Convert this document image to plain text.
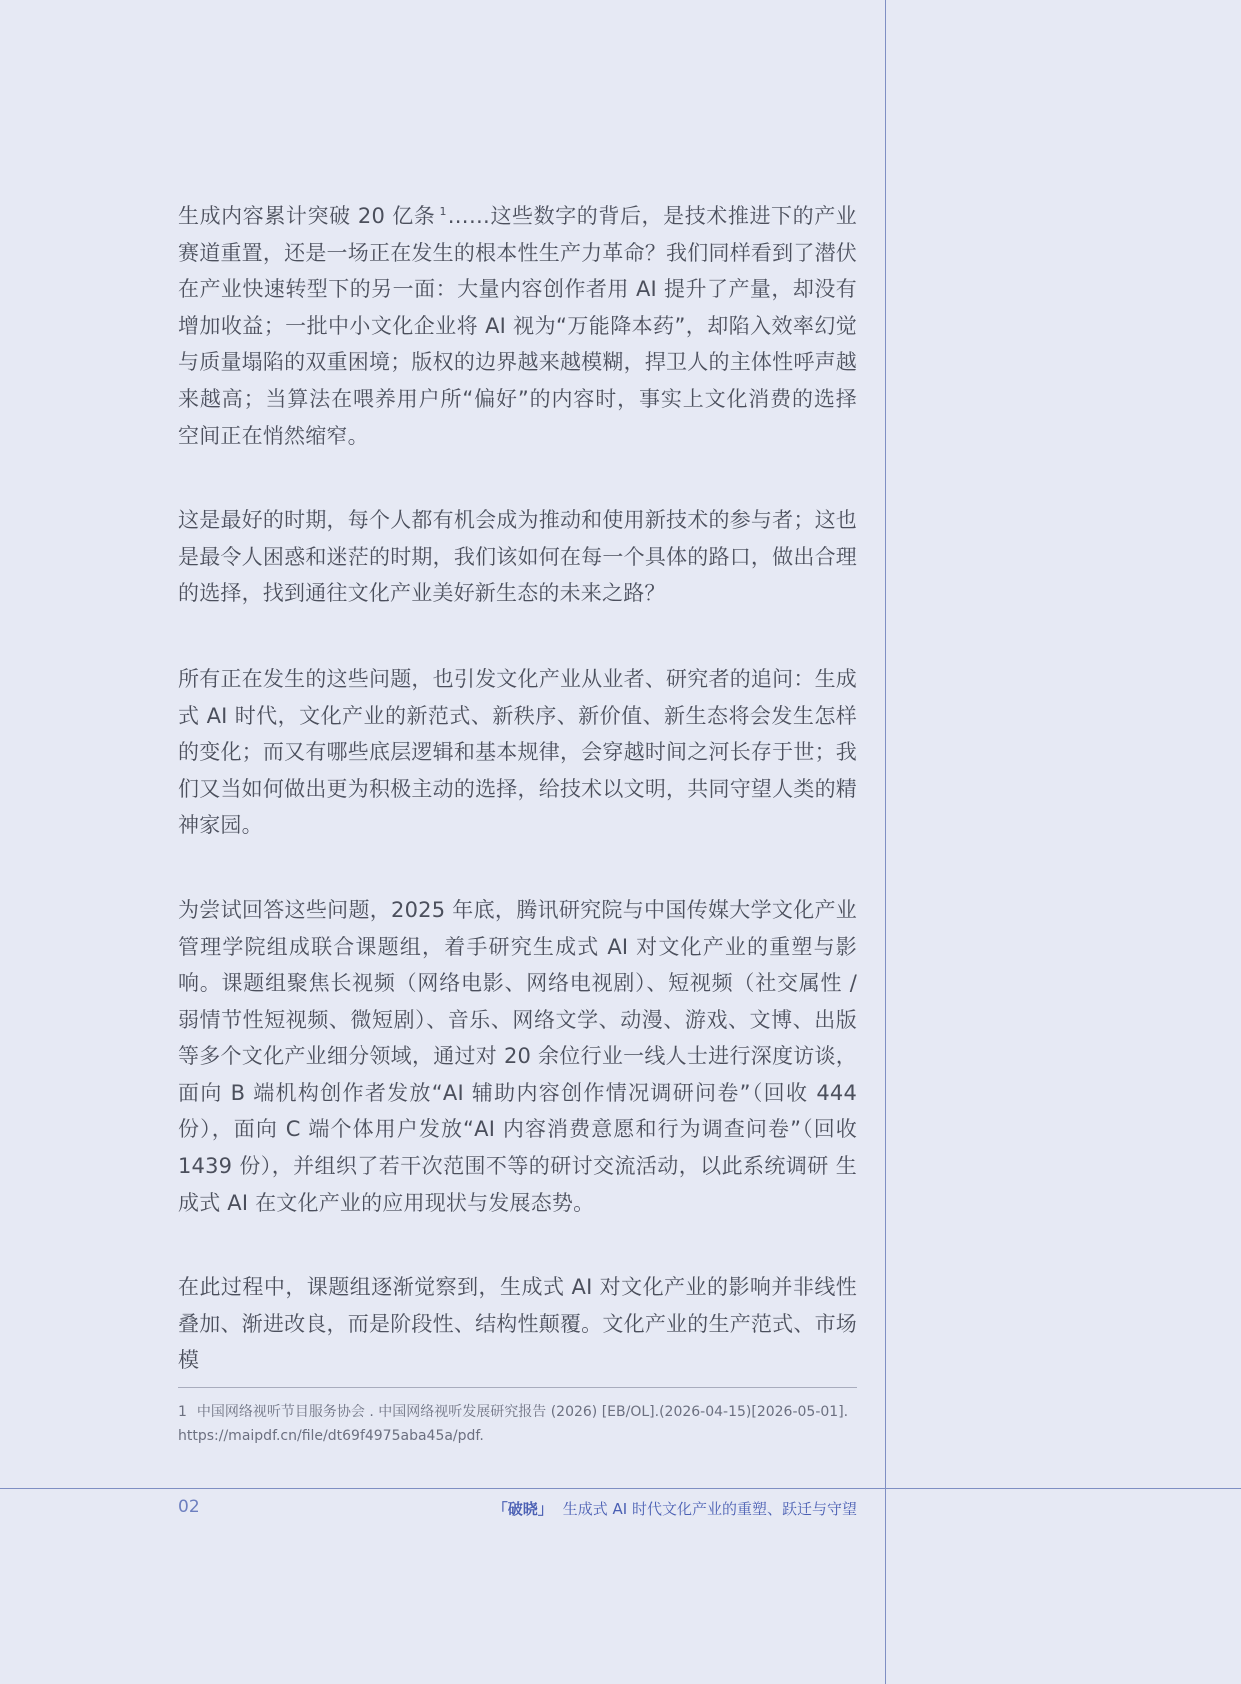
生成内容累计突破 20 亿条 $^1$……这些数字的背后，是技术推进下的产业赛道重置，还是一场正在发生的根本性生产力革命？我们同样看到了潜伏在产业快速转型下的另一面：大量内容创作者用 AI 提升了产量，却没有增加收益；一批中小文化企业将 AI 视为“万能降本药”，却陷入效率幻觉与质量塌陷的双重困境；版权的边界越来越模糊，捍卫人的主体性呼声越来越高；当算法在喂养用户所“偏好”的内容时，事实上文化消费的选择空间正在悄然缩窄。

这是最好的时期，每个人都有机会成为推动和使用新技术的参与者；这也是最令人困惑和迷茫的时期，我们该如何在每一个具体的路口，做出合理的选择，找到通往文化产业美好新生态的未来之路？

所有正在发生的这些问题，也引发文化产业从业者、研究者的追问：生成式 AI 时代，文化产业的新范式、新秩序、新价值、新生态将会发生怎样的变化；而又有哪些底层逻辑和基本规律，会穿越时间之河长存于世；我们又当如何做出更为积极主动的选择，给技术以文明，共同守望人类的精神家园。

为尝试回答这些问题，2025 年底，腾讯研究院与中国传媒大学文化产业管理学院组成联合课题组，着手研究生成式 AI 对文化产业的重塑与影响。课题组聚焦长视频（网络电影、网络电视剧）、短视频（社交属性 / 弱情节性短视频、微短剧）、音乐、网络文学、动漫、游戏、文博、出版等多个文化产业细分领域，通过对 20 余位行业一线人士进行深度访谈，面向 B 端机构创作者发放“AI 辅助内容创作情况调研问卷”（回收 444 份），面向 C 端个体用户发放“AI 内容消费意愿和行为调查问卷”（回收 1439 份），并组织了若干次范围不等的研讨交流活动，以此系统调研 生成式 AI 在文化产业的应用现状与发展态势。

在此过程中，课题组逐渐觉察到，生成式 AI 对文化产业的影响并非线性叠加、渐进改良，而是阶段性、结构性颠覆。文化产业的生产范式、市场模

1 中国网络视听节目服务协会 . 中国网络视听发展研究报告 (2026) [EB/OL].(2026-04-15)[2026-05-01].
https://maipdf.cn/file/dt69f4975aba45a/pdf.
02	「破晓」 生成式 AI 时代文化产业的重塑、跃迁与守望
